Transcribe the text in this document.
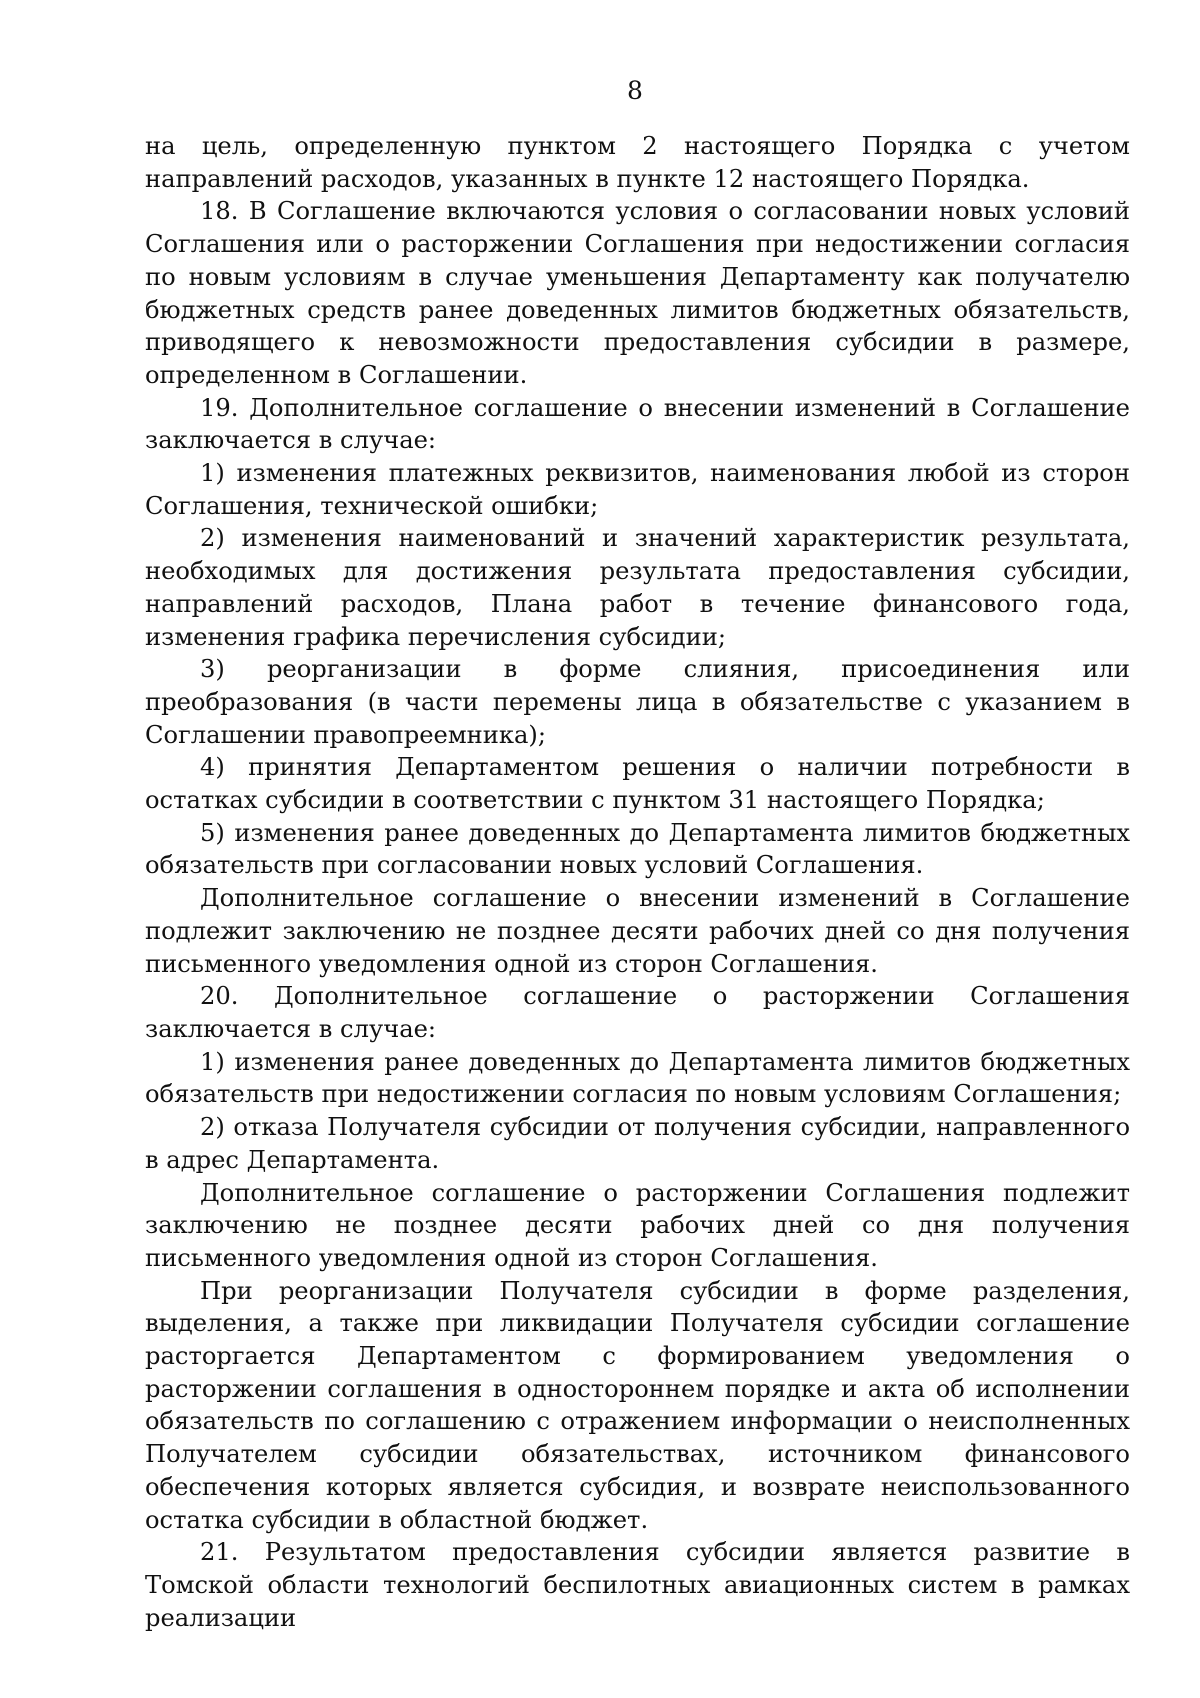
8

на цель, определенную пунктом 2 настоящего Порядка с учетом направлений расходов, указанных в пункте 12 настоящего Порядка.

18. В Соглашение включаются условия о согласовании новых условий Соглашения или о расторжении Соглашения при недостижении согласия по новым условиям в случае уменьшения Департаменту как получателю бюджетных средств ранее доведенных лимитов бюджетных обязательств, приводящего к невозможности предоставления субсидии в размере, определенном в Соглашении.

19. Дополнительное соглашение о внесении изменений в Соглашение заключается в случае:

1) изменения платежных реквизитов, наименования любой из сторон Соглашения, технической ошибки;

2) изменения наименований и значений характеристик результата, необходимых для достижения результата предоставления субсидии, направлений расходов, Плана работ в течение финансового года, изменения графика перечисления субсидии;

3) реорганизации в форме слияния, присоединения или преобразования (в части перемены лица в обязательстве с указанием в Соглашении правопреемника);

4) принятия Департаментом решения о наличии потребности в остатках субсидии в соответствии с пунктом 31 настоящего Порядка;

5) изменения ранее доведенных до Департамента лимитов бюджетных обязательств при согласовании новых условий Соглашения.

Дополнительное соглашение о внесении изменений в Соглашение подлежит заключению не позднее десяти рабочих дней со дня получения письменного уведомления одной из сторон Соглашения.

20. Дополнительное соглашение о расторжении Соглашения заключается в случае:

1) изменения ранее доведенных до Департамента лимитов бюджетных обязательств при недостижении согласия по новым условиям Соглашения;

2) отказа Получателя субсидии от получения субсидии, направленного в адрес Департамента.

Дополнительное соглашение о расторжении Соглашения подлежит заключению не позднее десяти рабочих дней со дня получения письменного уведомления одной из сторон Соглашения.

При реорганизации Получателя субсидии в форме разделения, выделения, а также при ликвидации Получателя субсидии соглашение расторгается Департаментом с формированием уведомления о расторжении соглашения в одностороннем порядке и акта об исполнении обязательств по соглашению с отражением информации о неисполненных Получателем субсидии обязательствах, источником финансового обеспечения которых является субсидия, и возврате неиспользованного остатка субсидии в областной бюджет.

21. Результатом предоставления субсидии является развитие в Томской области технологий беспилотных авиационных систем в рамках реализации
